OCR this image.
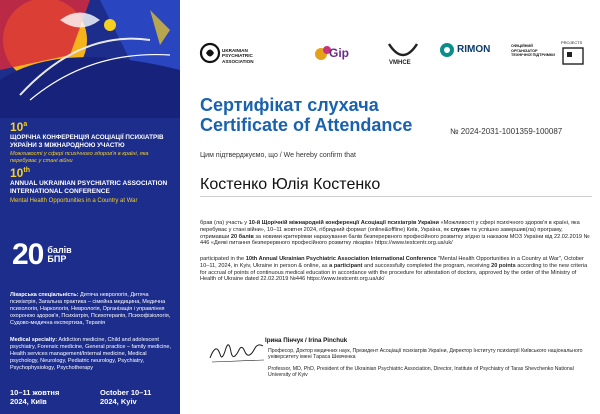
$10^а$
ЩОРІЧНА КОНФЕРЕНЦІЯ АСОЦІАЦІЇ ПСИХІАТРІВ УКРАЇНИ З МІЖНАРОДНОЮ УЧАСТЮ
Можливості у сфері психічного здоров'я в країні, яка перебуває у стані війни
10th
ANNUAL UKRAINIAN PSYCHIATRIC ASSOCIATION INTERNATIONAL CONFERENCE
Mental Health Opportunities in a Country at War
20 балів
БПР
Лікарська спеціальність: Дитяча неврологія, Дитяча психіатрія, Загальна практика – сімейна медицина, Медична психологія, Наркологія, Неврологія, Організація і управління охороною здоров'я, Психіатрія, Психотерапія, Психофізіологія, Судово-медична експертиза, Терапія
Medical specialty: Addiction medicine, Child and adolescent psychiatry, Forensic medicine, General practice – family medicine, Health services management/Internal medicine, Medical psychology, Neurology, Pediatric neurology, Psychiatry, Psychophysiology, Psychotherapy
10–11 жовтня 2024, Київ
October 10–11 2024, Kyiv
UKRAINIAN PSYCHIATRIC ASSOCIATION
Gip
VMHCE
RIMON	ОФІЦІЙНИЙ ОРГАНІЗАТОР ТЕХНІЧНОЇ ПІДТРИМКИ
PROJECTS
Сертифікат слухача
Certificate of Attendance	№ 2024-2031-1001359-100087
Цим підтверджуємо, що / We hereby confirm that
Костенко Юлія Костенко
брав (ла) участь у 10-й Щорічній міжнародній конференції Асоціації психіатрів України «Можливості у сфері психічного здоров'я в країні, яка перебуває у стані війни», 10–11 жовтня 2024, гібридний формат (online&offline) Київ, Україна, як слухач та успішно завершив(ла) програму, отримавши 20 балів за новими критеріями нарахування балів безперервного професійного розвитку згідно із наказом МОЗ України від 22.02.2019 № 446 «Деякі питання безперервного професійного розвитку лікарів» https://www.testcentr.org.ua/uk/
participated in the 10th Annual Ukrainian Psychiatric Association International Conference "Mental Health Opportunities in a Country at War", October 10–11, 2024, in Kyiv, Ukraine in person & online, as a participant and successfully completed the program, receiving 20 points according to the new criteria for accrual of points of continuous medical education in accordance with the procedure for attestation of doctors, approved by the order of the Ministry of Health of Ukraine dated 22.02.2019 №446 https://www.testcentr.org.ua/uk/
Ірина Пінчук / Irina Pinchuk
Професор, Доктор медичних наук, Президент Асоціації психіатрів України, Директор Інституту психіатрії Київського національного університету імені Тараса Шевченка
Professor, MD, PhD, President of the Ukrainian Psychiatric Association, Director, Institute of Psychiatry of Taras Shevchenko National University of Kyiv
